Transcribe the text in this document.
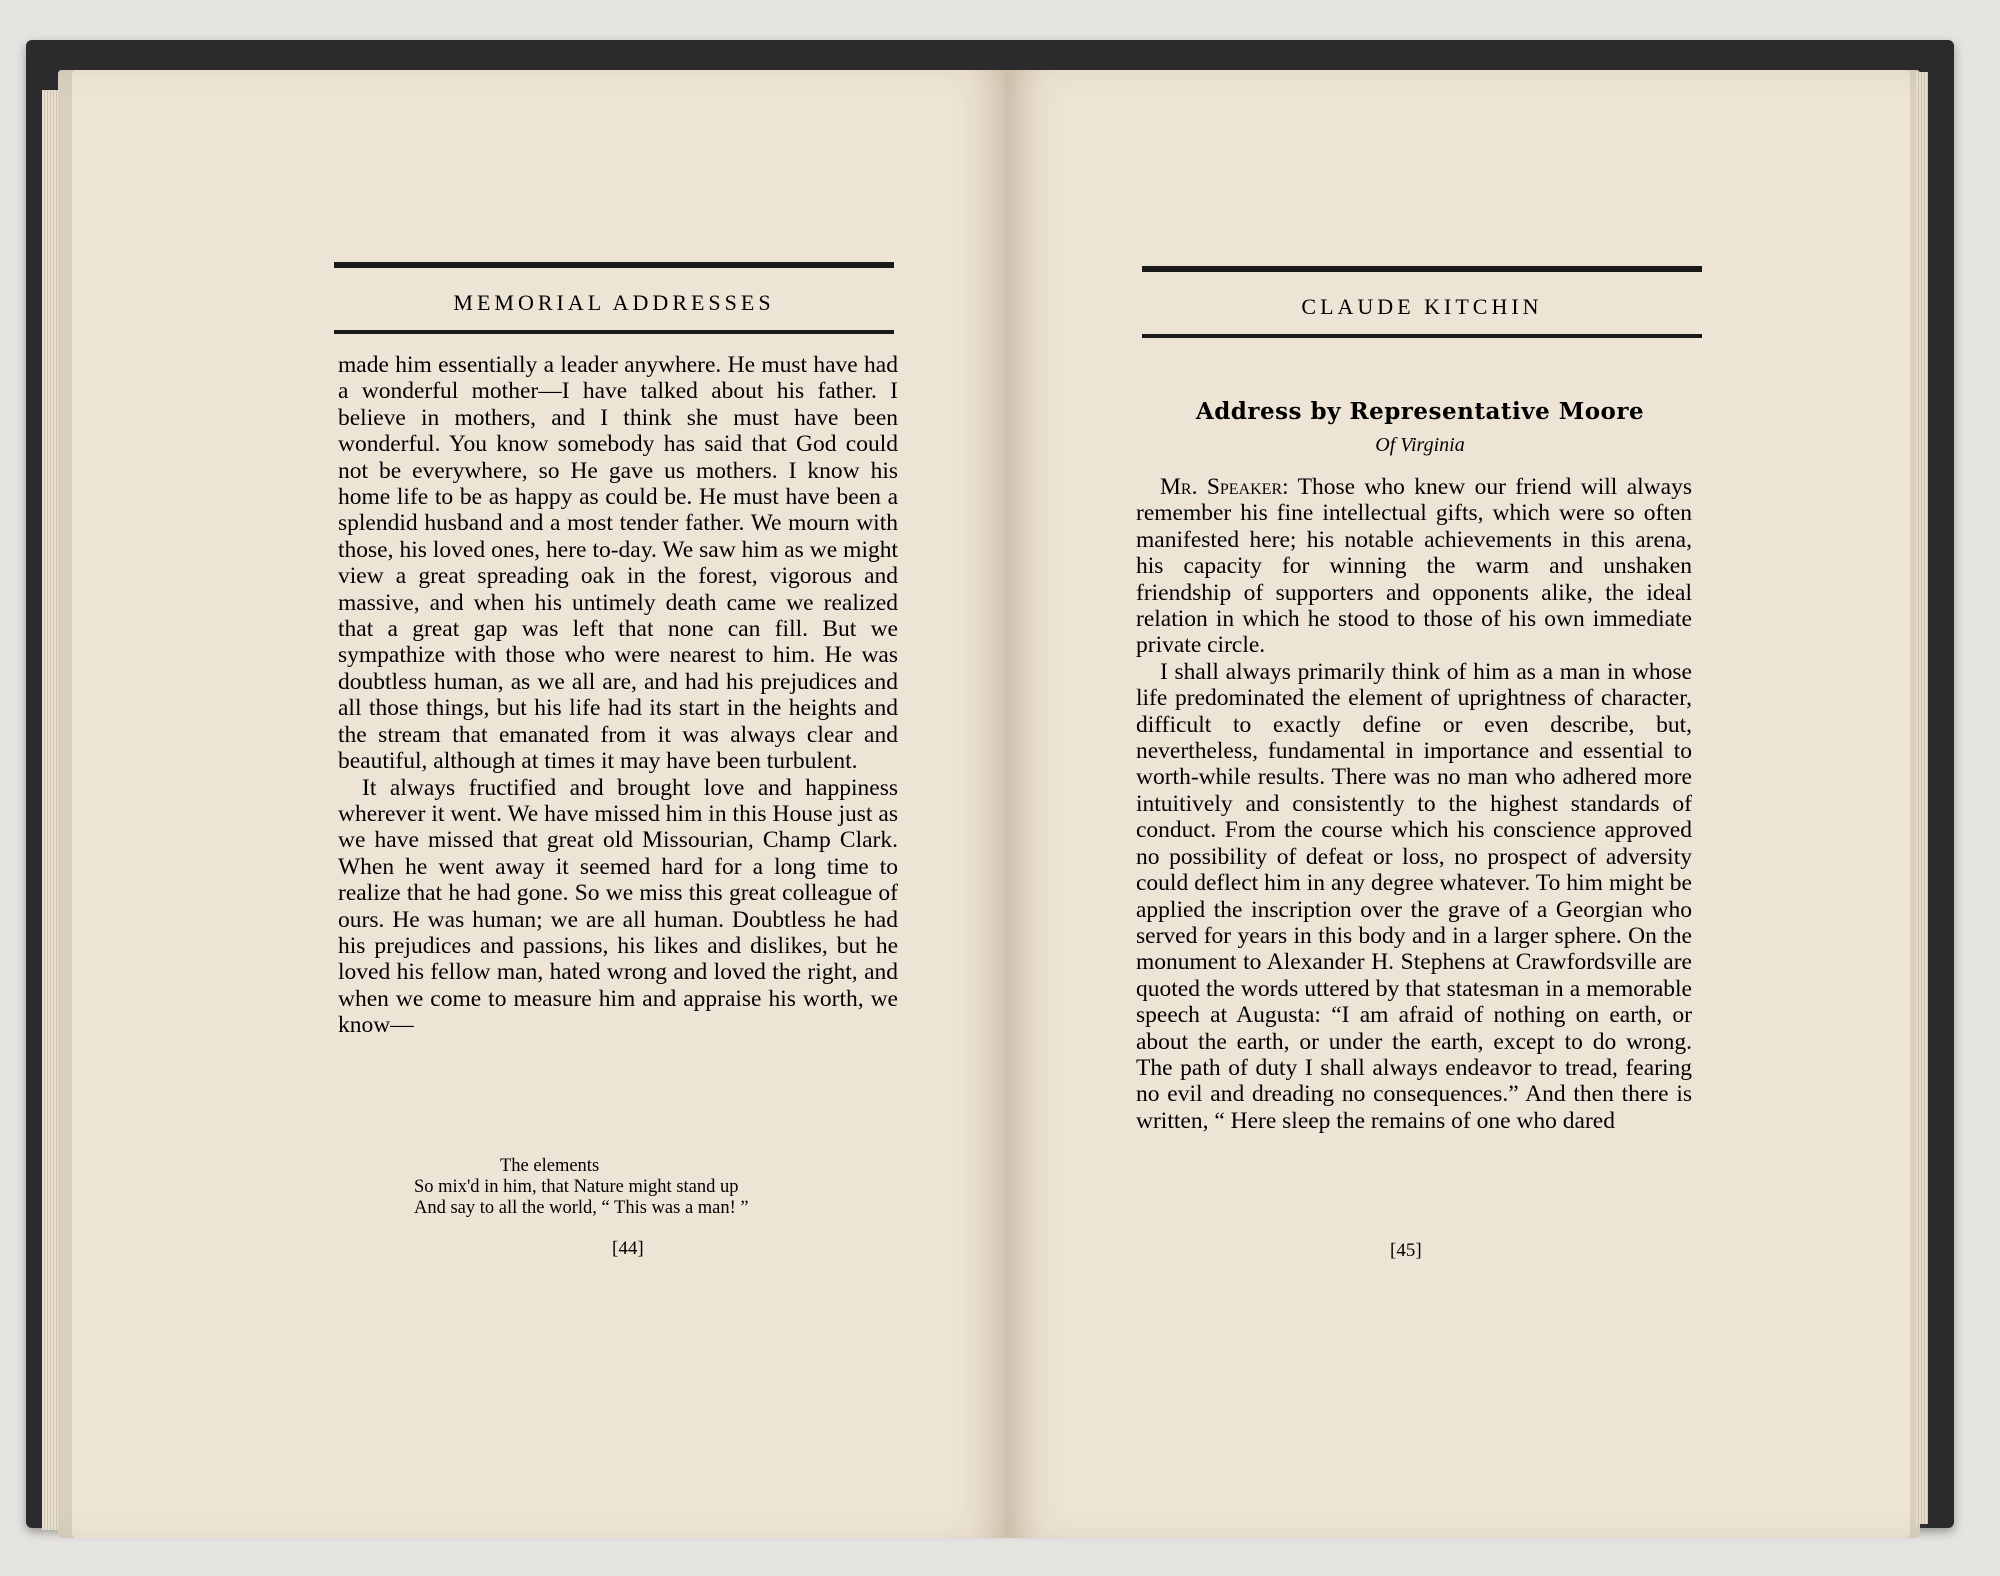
MEMORIAL ADDRESSES

made him essentially a leader anywhere. He must have had a wonderful mother—I have talked about his father. I believe in mothers, and I think she must have been wonderful. You know somebody has said that God could not be everywhere, so He gave us mothers. I know his home life to be as happy as could be. He must have been a splendid husband and a most tender father. We mourn with those, his loved ones, here to-day. We saw him as we might view a great spreading oak in the forest, vigorous and massive, and when his untimely death came we realized that a great gap was left that none can fill. But we sympathize with those who were nearest to him. He was doubtless human, as we all are, and had his prejudices and all those things, but his life had its start in the heights and the stream that emanated from it was always clear and beautiful, although at times it may have been turbulent.

It always fructified and brought love and happiness wherever it went. We have missed him in this House just as we have missed that great old Missourian, Champ Clark. When he went away it seemed hard for a long time to realize that he had gone. So we miss this great colleague of ours. He was human; we are all human. Doubtless he had his prejudices and passions, his likes and dislikes, but he loved his fellow man, hated wrong and loved the right, and when we come to measure him and appraise his worth, we know—

The elements
So mix'd in him, that Nature might stand up
And say to all the world, “ This was a man! ”
[44]
CLAUDE KITCHIN
Address by Representative Moore
Of Virginia

Mr. Speaker: Those who knew our friend will always remember his fine intellectual gifts, which were so often manifested here; his notable achievements in this arena, his capacity for winning the warm and unshaken friendship of supporters and opponents alike, the ideal relation in which he stood to those of his own immediate private circle.

I shall always primarily think of him as a man in whose life predominated the element of uprightness of character, difficult to exactly define or even describe, but, nevertheless, fundamental in importance and essential to worth-while results. There was no man who adhered more intuitively and consistently to the highest standards of conduct. From the course which his conscience approved no possibility of defeat or loss, no prospect of adversity could deflect him in any degree whatever. To him might be applied the inscription over the grave of a Georgian who served for years in this body and in a larger sphere. On the monument to Alexander H. Stephens at Crawfordsville are quoted the words uttered by that statesman in a memorable speech at Augusta: “I am afraid of nothing on earth, or about the earth, or under the earth, except to do wrong. The path of duty I shall always endeavor to tread, fearing no evil and dreading no consequences.” And then there is written, “ Here sleep the remains of one who dared

[45]
